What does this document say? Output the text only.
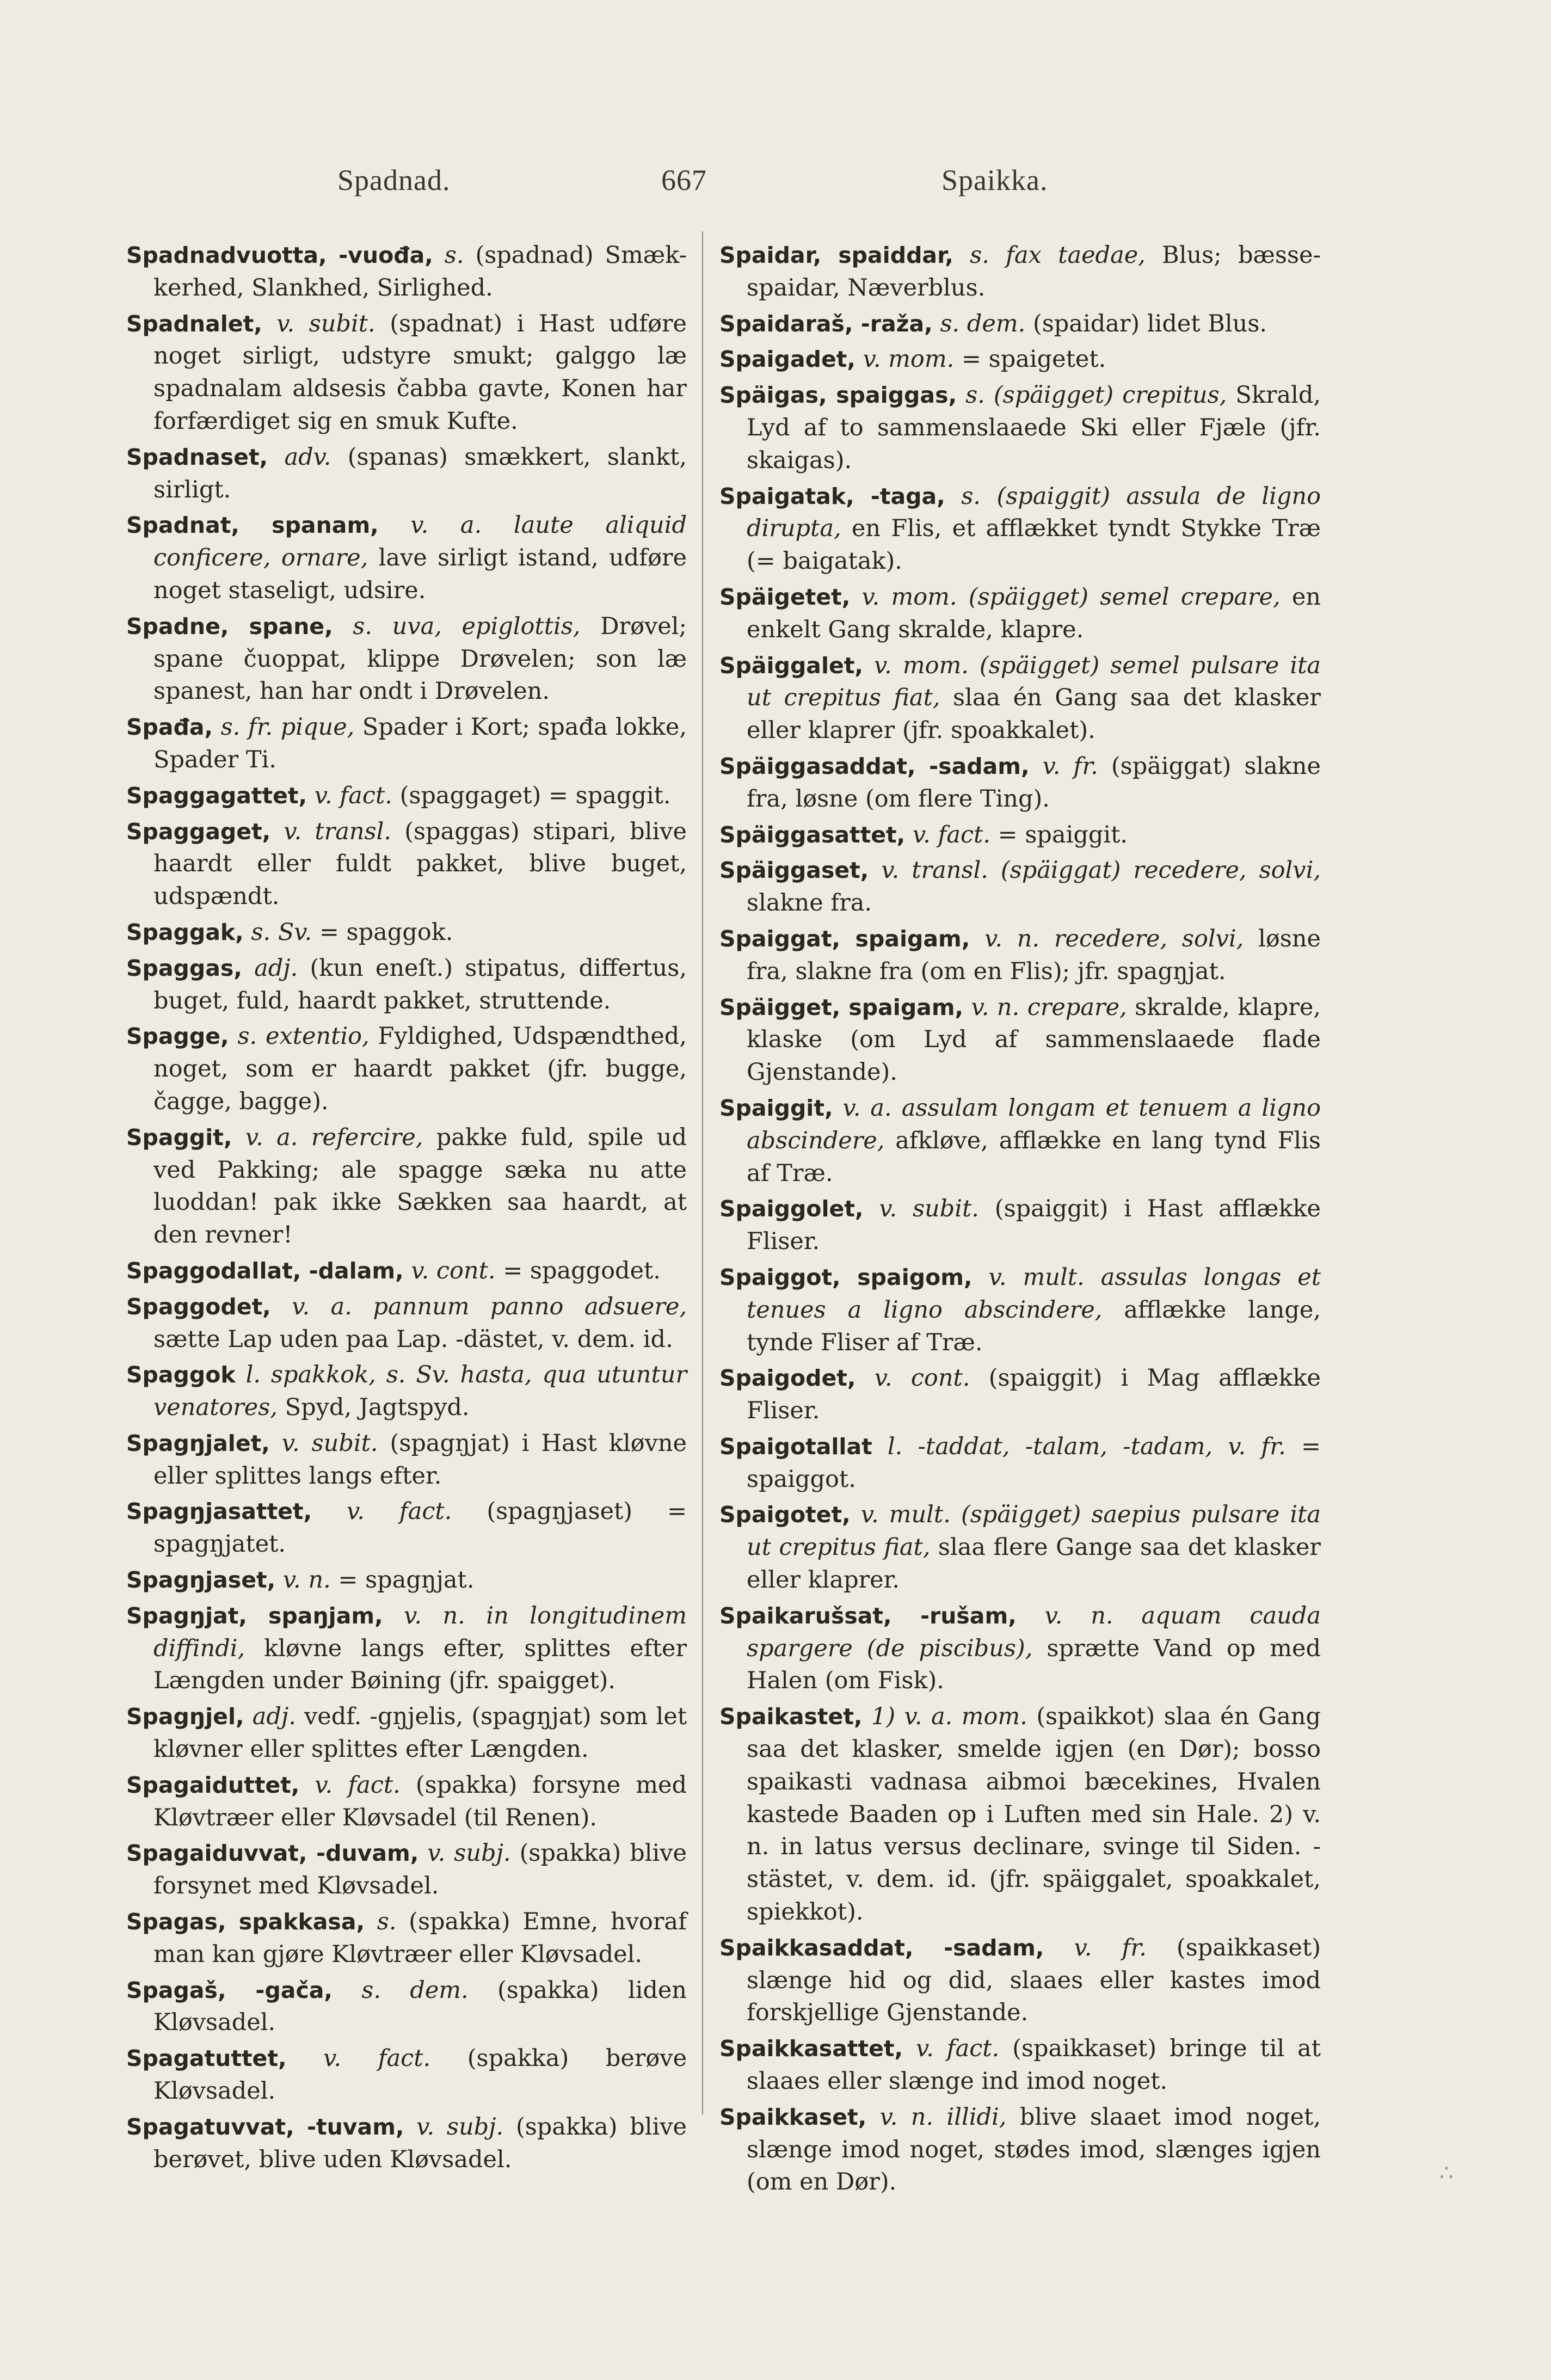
Spadnad.	667	Spaikka.

Spadnadvuotta, -vuođa, s. (spadnad) Smæk-kerhed, Slankhed, Sirlighed.

Spadnalet, v. subit. (spadnat) i Hast udføre noget sirligt, udstyre smukt; galggo læ spadnalam aldsesis čabba gavte, Konen har forfærdiget sig en smuk Kufte.

Spadnaset, adv. (spanas) smækkert, slankt, sirligt.

Spadnat, spanam, v. a. laute aliquid conficere, ornare, lave sirligt istand, udføre noget staseligt, udsire.

Spadne, spane, s. uva, epiglottis, Drøvel; spane čuoppat, klippe Drøvelen; son læ spanest, han har ondt i Drøvelen.

Spađa, s. fr. pique, Spader i Kort; spađa lokke, Spader Ti.

Spaggagattet, v. fact. (spaggaget) = spaggit.

Spaggaget, v. transl. (spaggas) stipari, blive haardt eller fuldt pakket, blive buget, udspændt.

Spaggak, s. Sv. = spaggok.

Spaggas, adj. (kun eneſt.) stipatus, differtus, buget, fuld, haardt pakket, struttende.

Spagge, s. extentio, Fyldighed, Udspændthed, noget, som er haardt pakket (jfr. bugge, čagge, bagge).

Spaggit, v. a. refercire, pakke fuld, spile ud ved Pakking; ale spagge sæka nu atte luoddan! pak ikke Sækken saa haardt, at den revner!

Spaggodallat, -dalam, v. cont. = spaggodet.

Spaggodet, v. a. pannum panno adsuere, sætte Lap uden paa Lap. -dästet, v. dem. id.

Spaggok l. spakkok, s. Sv. hasta, qua utuntur venatores, Spyd, Jagtspyd.

Spagŋjalet, v. subit. (spagŋjat) i Hast kløvne eller splittes langs efter.

Spagŋjasattet, v. fact. (spagŋjaset) = spagŋjatet.

Spagŋjaset, v. n. = spagŋjat.

Spagŋjat, spaŋjam, v. n. in longitudinem diffindi, kløvne langs efter, splittes efter Længden under Bøining (jfr. spaigget).

Spagŋjel, adj. vedf. -gŋjelis, (spagŋjat) som let kløvner eller splittes efter Længden.

Spagaiduttet, v. fact. (spakka) forsyne med Kløvtræer eller Kløvsadel (til Renen).

Spagaiduvvat, -duvam, v. subj. (spakka) blive forsynet med Kløvsadel.

Spagas, spakkasa, s. (spakka) Emne, hvoraf man kan gjøre Kløvtræer eller Kløvsadel.

Spagaš, -gača, s. dem. (spakka) liden Kløvsadel.

Spagatuttet, v. fact. (spakka) berøve Kløvsadel.

Spagatuvvat, -tuvam, v. subj. (spakka) blive berøvet, blive uden Kløvsadel.

Spaidar, spaiddar, s. fax taedae, Blus; bæsse-spaidar, Næverblus.

Spaidaraš, -raža, s. dem. (spaidar) lidet Blus.

Spaigadet, v. mom. = spaigetet.

Späigas, spaiggas, s. (späigget) crepitus, Skrald, Lyd af to sammenslaaede Ski eller Fjæle (jfr. skaigas).

Spaigatak, -taga, s. (spaiggit) assula de ligno dirupta, en Flis, et afflækket tyndt Stykke Træ (= baigatak).

Späigetet, v. mom. (späigget) semel crepare, en enkelt Gang skralde, klapre.

Späiggalet, v. mom. (späigget) semel pulsare ita ut crepitus fiat, slaa én Gang saa det klasker eller klaprer (jfr. spoakkalet).

Späiggasaddat, -sadam, v. fr. (späiggat) slakne fra, løsne (om flere Ting).

Späiggasattet, v. fact. = spaiggit.

Späiggaset, v. transl. (späiggat) recedere, solvi, slakne fra.

Spaiggat, spaigam, v. n. recedere, solvi, løsne fra, slakne fra (om en Flis); jfr. spagŋjat.

Späigget, spaigam, v. n. crepare, skralde, klapre, klaske (om Lyd af sammenslaaede flade Gjenstande).

Spaiggit, v. a. assulam longam et tenuem a ligno abscindere, afkløve, afflække en lang tynd Flis af Træ.

Spaiggolet, v. subit. (spaiggit) i Hast afflække Fliser.

Spaiggot, spaigom, v. mult. assulas longas et tenues a ligno abscindere, afflække lange, tynde Fliser af Træ.

Spaigodet, v. cont. (spaiggit) i Mag afflække Fliser.

Spaigotallat l. -taddat, -talam, -tadam, v. fr. = spaiggot.

Spaigotet, v. mult. (späigget) saepius pulsare ita ut crepitus fiat, slaa flere Gange saa det klasker eller klaprer.

Spaikarušsat, -rušam, v. n. aquam cauda spargere (de piscibus), sprætte Vand op med Halen (om Fisk).

Spaikastet, 1) v. a. mom. (spaikkot) slaa én Gang saa det klasker, smelde igjen (en Dør); bosso spaikasti vadnasa aibmoi bæcekines, Hvalen kastede Baaden op i Luften med sin Hale. 2) v. n. in latus versus declinare, svinge til Siden. -stästet, v. dem. id. (jfr. späiggalet, spoakkalet, spiekkot).

Spaikkasaddat, -sadam, v. fr. (spaikkaset) slænge hid og did, slaaes eller kastes imod forskjellige Gjenstande.

Spaikkasattet, v. fact. (spaikkaset) bringe til at slaaes eller slænge ind imod noget.

Spaikkaset, v. n. illidi, blive slaaet imod noget, slænge imod noget, stødes imod, slænges igjen (om en Dør).	∴
